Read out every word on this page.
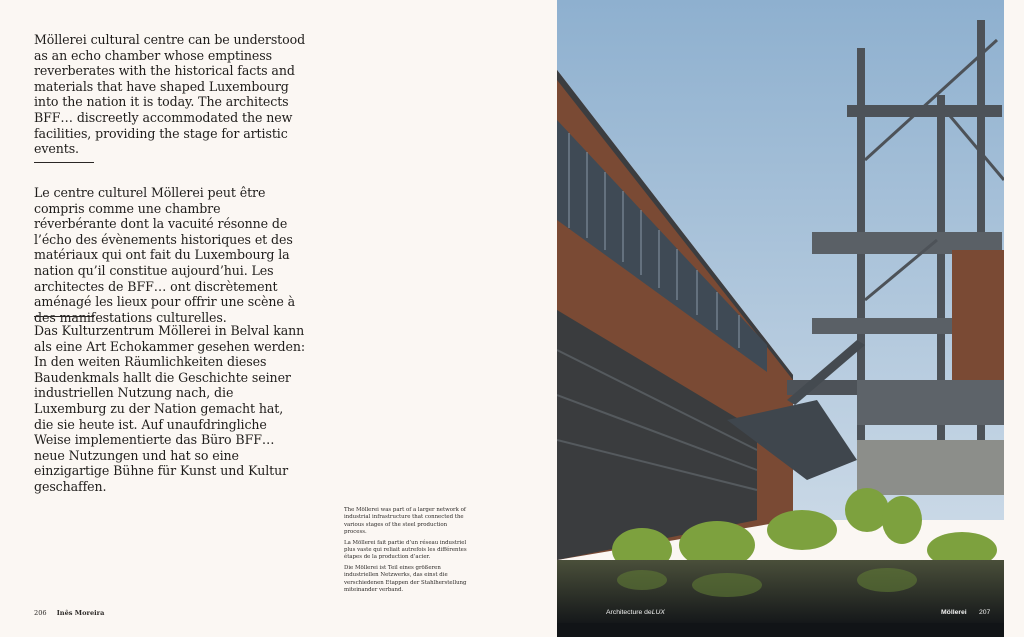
Möllerei cultural centre can be understood as an echo chamber whose emptiness reverberates with the historical facts and materials that have shaped Luxembourg into the nation it is today. The architects BFF… discreetly accommodated the new facilities, providing the stage for artistic events.

Le centre culturel Möllerei peut être compris comme une chambre réverbérante dont la vacuité résonne de l’écho des évènements historiques et des matériaux qui ont fait du Luxembourg la nation qu’il constitue aujourd’hui. Les architectes de BFF… ont discrètement aménagé les lieux pour offrir une scène à des manifestations culturelles.

Das Kulturzentrum Möllerei in Belval kann als eine Art Echokammer gesehen werden: In den weiten Räumlichkeiten dieses Baudenkmals hallt die Geschichte seiner industriellen Nutzung nach, die Luxemburg zu der Nation gemacht hat, die sie heute ist. Auf unaufdringliche Weise implementierte das Büro BFF… neue Nutzungen und hat so eine einzigartige Bühne für Kunst und Kultur geschaffen.

The Möllerei was part of a larger network of industrial infrastructure that connected the various stages of the steel production process.

La Möllerei fait partie d’un réseau industriel plus vaste qui reliait autrefois les différentes étapes de la production d’acier.

Die Möllerei ist Teil eines größeren industriellen Netzwerks, das einst die verschiedenen Etappen der Stahlherstellung miteinander verband.

206 Inês Moreira	Architecture deLUX	Möllerei 207
